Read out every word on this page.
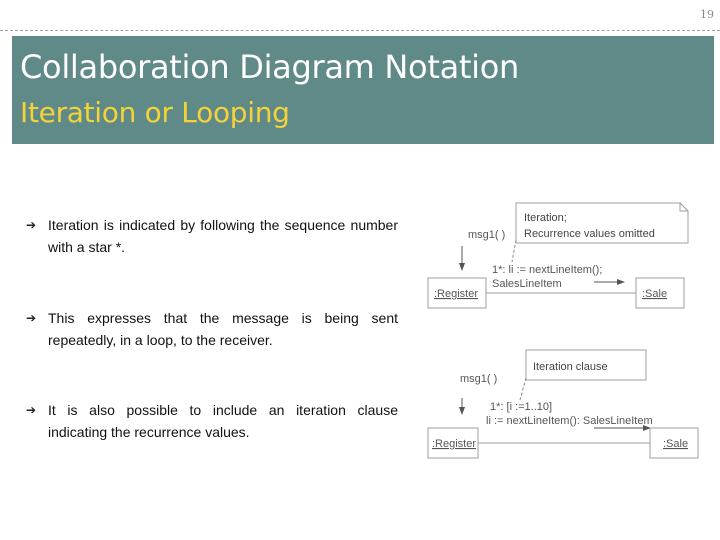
19
Collaboration Diagram Notation
Iteration or Looping
➔ Iteration is indicated by following the sequence number with a star *.
➔ This expresses that the message is being sent repeatedly, in a loop, to the receiver.
➔ It is also possible to include an iteration clause indicating the recurrence values.
Iteration;
Recurrence values omitted
msg1( )
1*: li := nextLineItem();
SalesLineItem
:Register	:Sale
Iteration clause
msg1( )
1*: [i :=1..10]
li := nextLineItem(): SalesLineItem
:Register	:Sale
